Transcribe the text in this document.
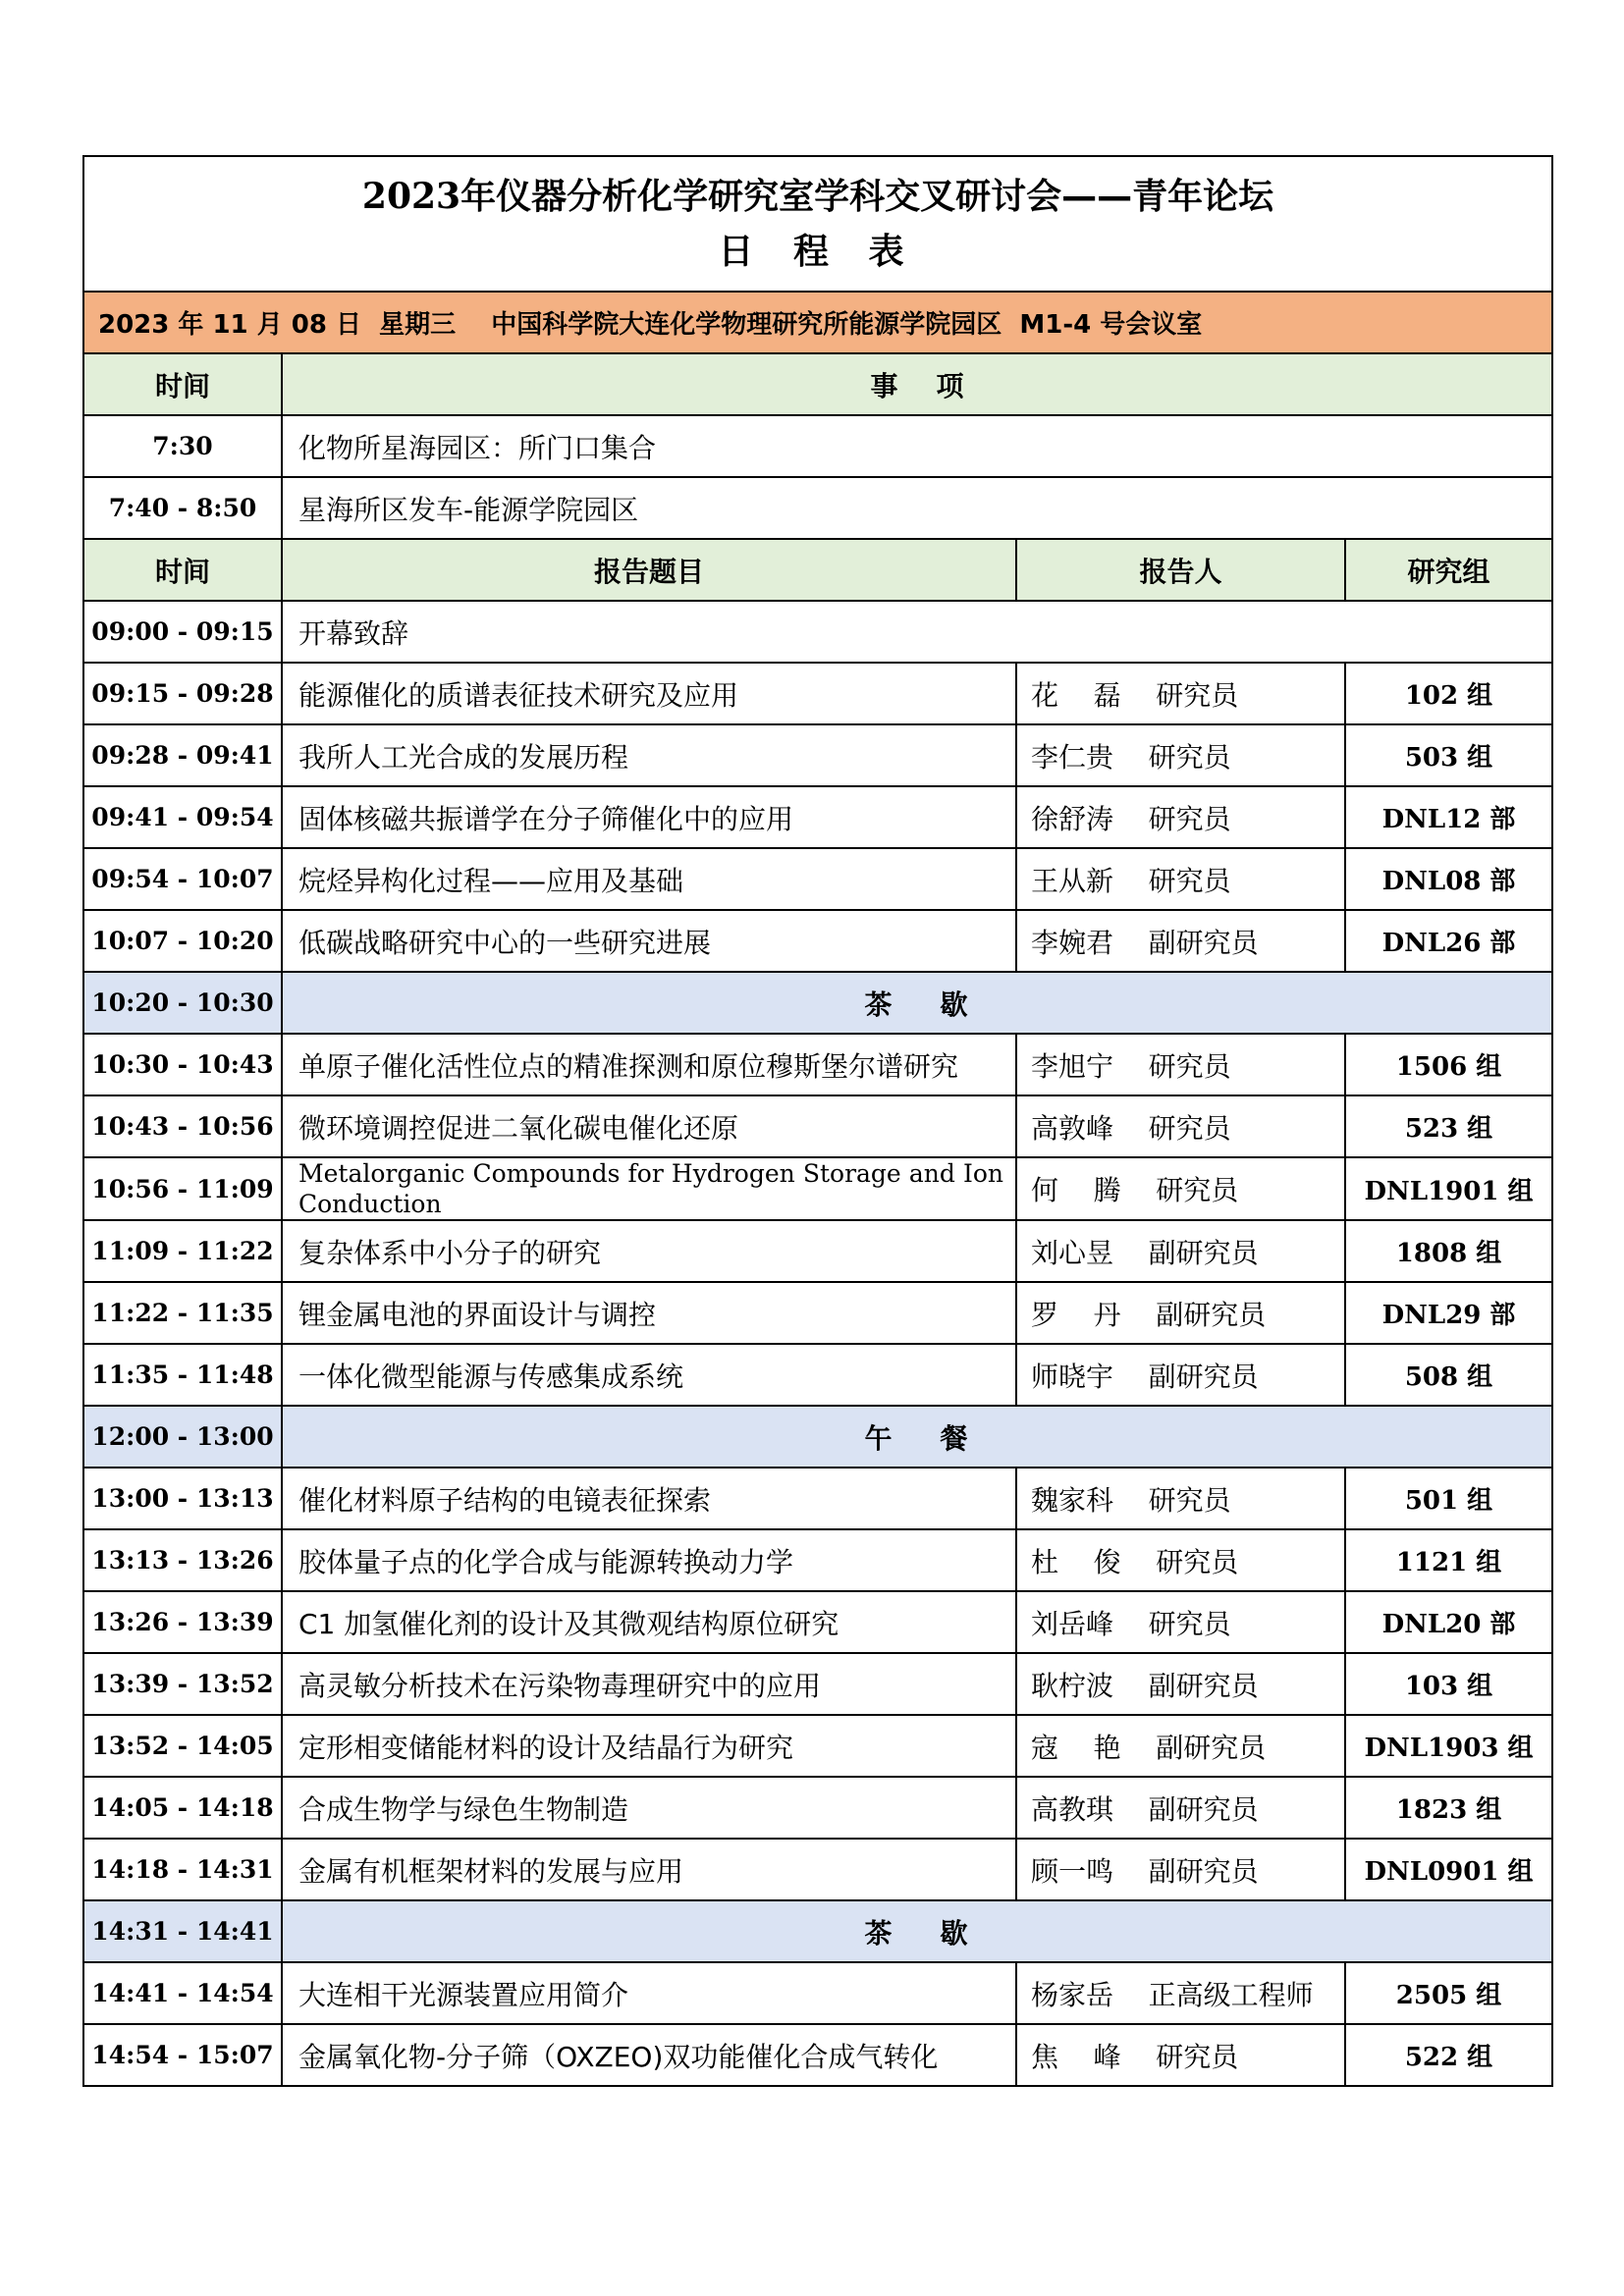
2023年仪器分析化学研究室学科交叉研讨会——青年论坛
日 程 表			

2023 年 11 月 08 日  星期三    中国科学院大连化学物理研究所能源学院园区  M1-4 号会议室			
时间	事    项		
7:30	化物所星海园区：所门口集合		
7:40 - 8:50	星海所区发车-能源学院园区		
时间	报告题目	报告人	研究组
09:00 - 09:15	开幕致辞		
09:15 - 09:28	能源催化的质谱表征技术研究及应用	花    磊    研究员	102 组
09:28 - 09:41	我所人工光合成的发展历程	李仁贵    研究员	503 组
09:41 - 09:54	固体核磁共振谱学在分子筛催化中的应用	徐舒涛    研究员	DNL12 部
09:54 - 10:07	烷烃异构化过程——应用及基础	王从新    研究员	DNL08 部
10:07 - 10:20	低碳战略研究中心的一些研究进展	李婉君    副研究员	DNL26 部
10:20 - 10:30	茶    歇		
10:30 - 10:43	单原子催化活性位点的精准探测和原位穆斯堡尔谱研究	李旭宁    研究员	1506 组
10:43 - 10:56	微环境调控促进二氧化碳电催化还原	高敦峰    研究员	523 组
10:56 - 11:09	Metalorganic Compounds for Hydrogen Storage and Ion Conduction	何    腾    研究员	DNL1901 组
11:09 - 11:22	复杂体系中小分子的研究	刘心昱    副研究员	1808 组
11:22 - 11:35	锂金属电池的界面设计与调控	罗    丹    副研究员	DNL29 部
11:35 - 11:48	一体化微型能源与传感集成系统	师晓宇    副研究员	508 组
12:00 - 13:00	午    餐		
13:00 - 13:13	催化材料原子结构的电镜表征探索	魏家科    研究员	501 组
13:13 - 13:26	胶体量子点的化学合成与能源转换动力学	杜    俊    研究员	1121 组
13:26 - 13:39	C1 加氢催化剂的设计及其微观结构原位研究	刘岳峰    研究员	DNL20 部
13:39 - 13:52	高灵敏分析技术在污染物毒理研究中的应用	耿柠波    副研究员	103 组
13:52 - 14:05	定形相变储能材料的设计及结晶行为研究	寇    艳    副研究员	DNL1903 组
14:05 - 14:18	合成生物学与绿色生物制造	高教琪    副研究员	1823 组
14:18 - 14:31	金属有机框架材料的发展与应用	顾一鸣    副研究员	DNL0901 组
14:31 - 14:41	茶    歇		
14:41 - 14:54	大连相干光源装置应用简介	杨家岳    正高级工程师	2505 组
14:54 - 15:07	金属氧化物-分子筛（OXZEO)双功能催化合成气转化	焦    峰    研究员	522 组
